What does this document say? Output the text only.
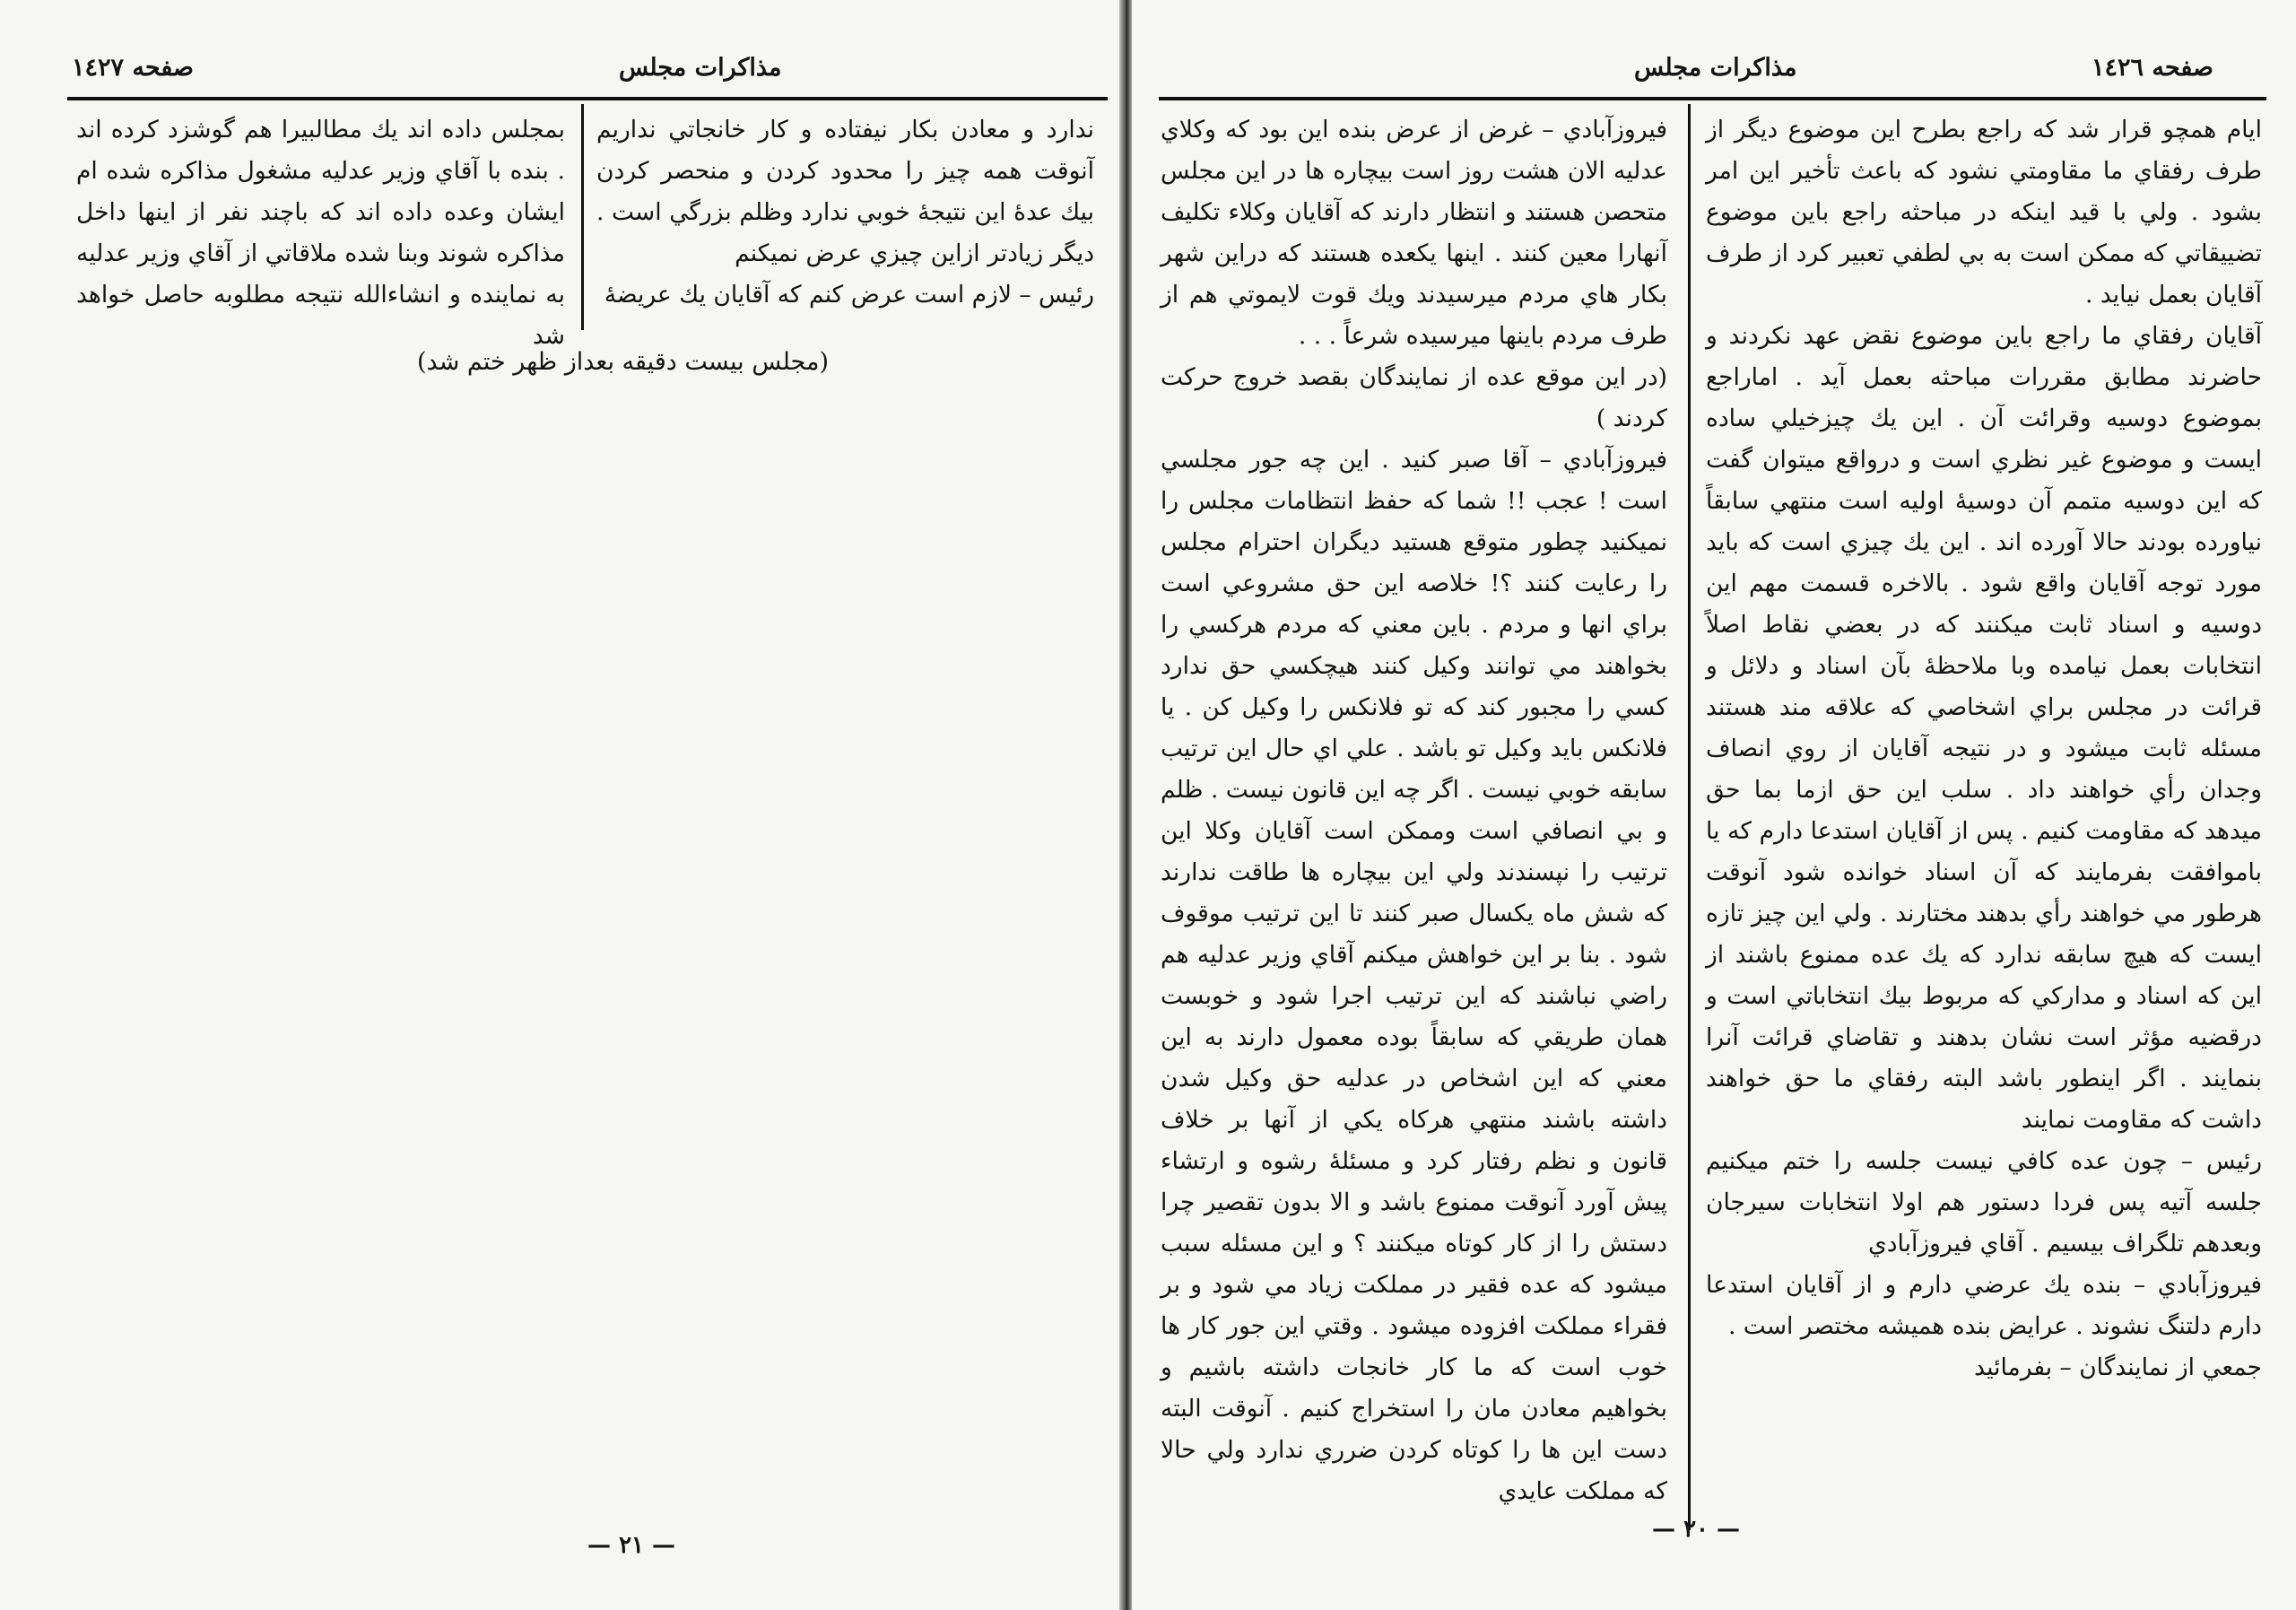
صفحه ١٤٢٧	مذاكرات مجلس

ندارد و معادن بكار نيفتاده و كار خانجاتي نداريم آنوقت همه چيز را محدود كردن و منحصر كردن بيك عدهٔ اين نتيجهٔ خوبي ندارد وظلم بزرگي است . ديگر زيادتر ازاين چيزي عرض نميكنم

رئيس – لازم است عرض كنم كه آقايان يك عريضهٔ

بمجلس داده اند يك مطالبيرا هم گوشزد كرده اند . بنده با آقاي وزير عدليه مشغول مذاكره شده ام ايشان وعده داده اند كه باچند نفر از اينها داخل مذاكره شوند وبنا شده ملاقاتي از آقاي وزير عدليه به نماينده و انشاءالله نتيجه مطلوبه حاصل خواهد شد

(مجلس بيست دقيقه بعداز ظهر ختم شد)
— ٢١ —
مذاكرات مجلس	صفحه ١٤٢٦

ايام همچو قرار شد كه راجع بطرح اين موضوع ديگر از طرف رفقاي ما مقاومتي نشود كه باعث تأخير اين امر بشود . ولي با قيد اينكه در مباحثه راجع باين موضوع تضييقاتي كه ممكن است به بي لطفي تعبير كرد از طرف آقايان بعمل نيايد .

آقايان رفقاي ما راجع باين موضوع نقض عهد نكردند و حاضرند مطابق مقررات مباحثه بعمل آيد . اماراجع بموضوع دوسيه وقرائت آن . اين يك چيزخيلي ساده ايست و موضوع غير نظري است و درواقع ميتوان گفت كه اين دوسيه متمم آن دوسيهٔ اوليه است منتهي سابقاً نياورده بودند حالا آورده اند . اين يك چيزي است كه بايد مورد توجه آقايان واقع شود . بالاخره قسمت مهم اين دوسيه و اسناد ثابت ميكنند كه در بعضي نقاط اصلاً انتخابات بعمل نيامده وبا ملاحظهٔ بآن اسناد و دلائل و قرائت در مجلس براي اشخاصي كه علاقه مند هستند مسئله ثابت ميشود و در نتيجه آقايان از روي انصاف وجدان رأي خواهند داد . سلب اين حق ازما بما حق ميدهد كه مقاومت كنيم . پس از آقايان استدعا دارم كه يا باموافقت بفرمايند كه آن اسناد خوانده شود آنوقت هرطور مي خواهند رأي بدهند مختارند . ولي اين چيز تازه ايست كه هيچ سابقه ندارد كه يك عده ممنوع باشند از اين كه اسناد و مداركي كه مربوط بيك انتخاباتي است و درقضيه مؤثر است نشان بدهند و تقاضاي قرائت آنرا بنمايند . اگر اينطور باشد البته رفقاي ما حق خواهند داشت كه مقاومت نمايند

رئيس – چون عده كافي نيست جلسه را ختم ميكنيم جلسه آتيه پس فردا دستور هم اولا انتخابات سيرجان وبعدهم تلگراف بيسيم . آقاي فيروزآبادي

فيروزآبادي – بنده يك عرضي دارم و از آقايان استدعا دارم دلتنگ نشوند . عرايض بنده هميشه مختصر است .

جمعي از نمايندگان – بفرمائيد

فيروزآبادي – غرض از عرض بنده اين بود كه وكلاي عدليه الان هشت روز است بيچاره ها در اين مجلس متحصن هستند و انتظار دارند كه آقايان وكلاء تكليف آنهارا معين كنند . اينها يكعده هستند كه دراين شهر بكار هاي مردم ميرسيدند ويك قوت لايموتي هم از طرف مردم باينها ميرسيده شرعاً . . .

(در اين موقع عده از نمايندگان بقصد خروج حركت كردند )

فيروزآبادي – آقا صبر كنيد . اين چه جور مجلسي است ! عجب !! شما كه حفظ انتظامات مجلس را نميكنيد چطور متوقع هستيد ديگران احترام مجلس را رعايت كنند ؟! خلاصه اين حق مشروعي است براي انها و مردم . باين معني كه مردم هركسي را بخواهند مي توانند وكيل كنند هيچكسي حق ندارد كسي را مجبور كند كه تو فلانكس را وكيل كن . يا فلانكس بايد وكيل تو باشد . علي اي حال اين ترتيب سابقه خوبي نيست . اگر چه اين قانون نيست . ظلم و بي انصافي است وممكن است آقايان وكلا اين ترتيب را نپسندند ولي اين بيچاره ها طاقت ندارند كه شش ماه يكسال صبر كنند تا اين ترتيب موقوف شود . بنا بر اين خواهش ميكنم آقاي وزير عدليه هم راضي نباشند كه اين ترتيب اجرا شود و خوبست همان طريقي كه سابقاً بوده معمول دارند به اين معني كه اين اشخاص در عدليه حق وكيل شدن داشته باشند منتهي هركاه يكي از آنها بر خلاف قانون و نظم رفتار كرد و مسئلهٔ رشوه و ارتشاء پيش آورد آنوقت ممنوع باشد و الا بدون تقصير چرا دستش را از كار كوتاه ميكنند ؟ و اين مسئله سبب ميشود كه عده فقير در مملكت زياد مي شود و بر فقراء مملكت افزوده ميشود . وقتي اين جور كار ها خوب است كه ما كار خانجات داشته باشيم و بخواهيم معادن مان را استخراج كنيم . آنوقت البته دست اين ها را كوتاه كردن ضرري ندارد ولي حالا كه مملكت عايدي

— ٢٠ —
